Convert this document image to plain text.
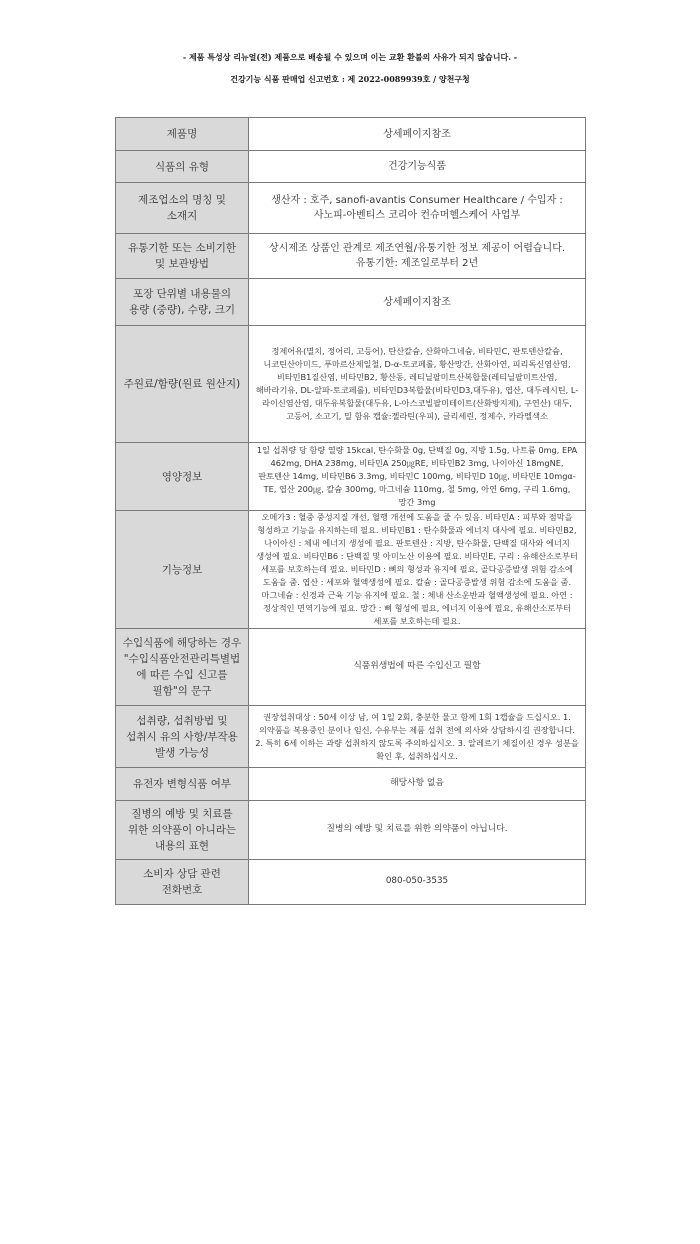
- 제품 특성상 리뉴얼(전) 제품으로 배송될 수 있으며 이는 교환 환불의 사유가 되지 않습니다. -
건강기능 식품 판매업 신고번호 : 제 2022-0089939호 / 양천구청
제품명	상세페이지참조
식품의 유형	건강기능식품
제조업소의 명칭 및 소재지	생산자 : 호주, sanofi-avantis Consumer Healthcare / 수입자 : 사노피-아벤티스 코리아 컨슈머헬스케어 사업부
유통기한 또는 소비기한 및 보관방법	상시제조 상품인 관계로 제조연월/유통기한 정보 제공이 어렵습니다. 유통기한: 제조일로부터 2년
포장 단위별 내용물의 용량 (중량), 수량, 크기	상세페이지참조
주원료/함량(원료 원산지)	정제어유(멸치, 정어리, 고등어), 탄산칼슘, 산화마그네슘, 비타민C, 판토텐산칼슘, 니코틴산아미드, 푸마르산제일철, D-α-토코페롤, 황산망간, 산화아연, 피리독신염산염, 비타민B1질산염, 비타민B2, 황산동, 레티닐팔미트산복합물(레티닐팔미트산염, 해바라기유, DL-알파-토코페롤), 비타민D3복합물(비타민D3,대두유), 엽산, 대두레시틴, L-라이신염산염, 대두유복합물(대두유, L-아스코빌팔미테이트(산화방지제), 구연산) 대두, 고등어, 소고기, 밀 함유 캡슐:젤라틴(우피), 글리세린, 정제수, 카라멜색소
영양정보	1일 섭취량 당 함량 열량 15kcal, 탄수화물 0g, 단백질 0g, 지방 1.5g, 나트륨 0mg, EPA 462mg, DHA 238mg, 비타민A 250㎍RE, 비타민B2 3mg, 나이아신 18mgNE, 판토텐산 14mg, 비타민B6 3.3mg, 비타민C 100mg, 비타민D 10㎍, 비타민E 10mgα-TE, 엽산 200㎍, 칼슘 300mg, 마그네슘 110mg, 철 5mg, 아연 6mg, 구리 1.6mg, 망간 3mg
기능정보	오메가3 : 혈중 중성지질 개선, 혈행 개선에 도움을 줄 수 있음. 비타민A : 피부와 점막을 형성하고 기능을 유지하는데 필요. 비타민B1 : 탄수화물과 에너지 대사에 필요. 비타민B2, 나이아신 : 체내 에너지 생성에 필요. 판토텐산 : 지방, 탄수화물, 단백질 대사와 에너지 생성에 필요. 비타민B6 : 단백질 및 아미노산 이용에 필요. 비타민E, 구리 : 유해산소로부터 세포를 보호하는데 필요. 비타민D : 뼈의 형성과 유지에 필요, 골다공증발생 위험 감소에 도움을 줌. 엽산 : 세포와 혈액생성에 필요. 칼슘 : 골다공증발생 위험 감소에 도움을 줌. 마그네슘 : 신경과 근육 기능 유지에 필요. 철 : 체내 산소운반과 혈액생성에 필요. 아연 : 정상적인 면역기능에 필요. 망간 : 뼈 형성에 필요, 에너지 이용에 필요, 유해산소로부터 세포를 보호하는데 필요.
수입식품에 해당하는 경우 "수입식품안전관리특별법에 따른 수입 신고를 필함"의 문구	식품위생법에 따른 수입신고 필함
섭취량, 섭취방법 및 섭취시 유의 사항/부작용 발생 가능성	권장섭취대상 : 50세 이상 남, 여 1일 2회, 충분한 물고 함께 1회 1캡슐을 드십시오. 1. 의약품을 복용중인 분이나 임신, 수유부는 제품 섭취 전에 의사와 상담하시길 권장합니다. 2. 특히 6세 이하는 과량 섭취하지 않도록 주의하십시오. 3. 알레르기 체질이신 경우 성분을 확인 후, 섭취하십시오.
유전자 변형식품 여부	해당사항 없음
질병의 예방 및 치료를 위한 의약품이 아니라는 내용의 표현	질병의 예방 및 치료를 위한 의약품이 아닙니다.
소비자 상담 관련 전화번호	080-050-3535
